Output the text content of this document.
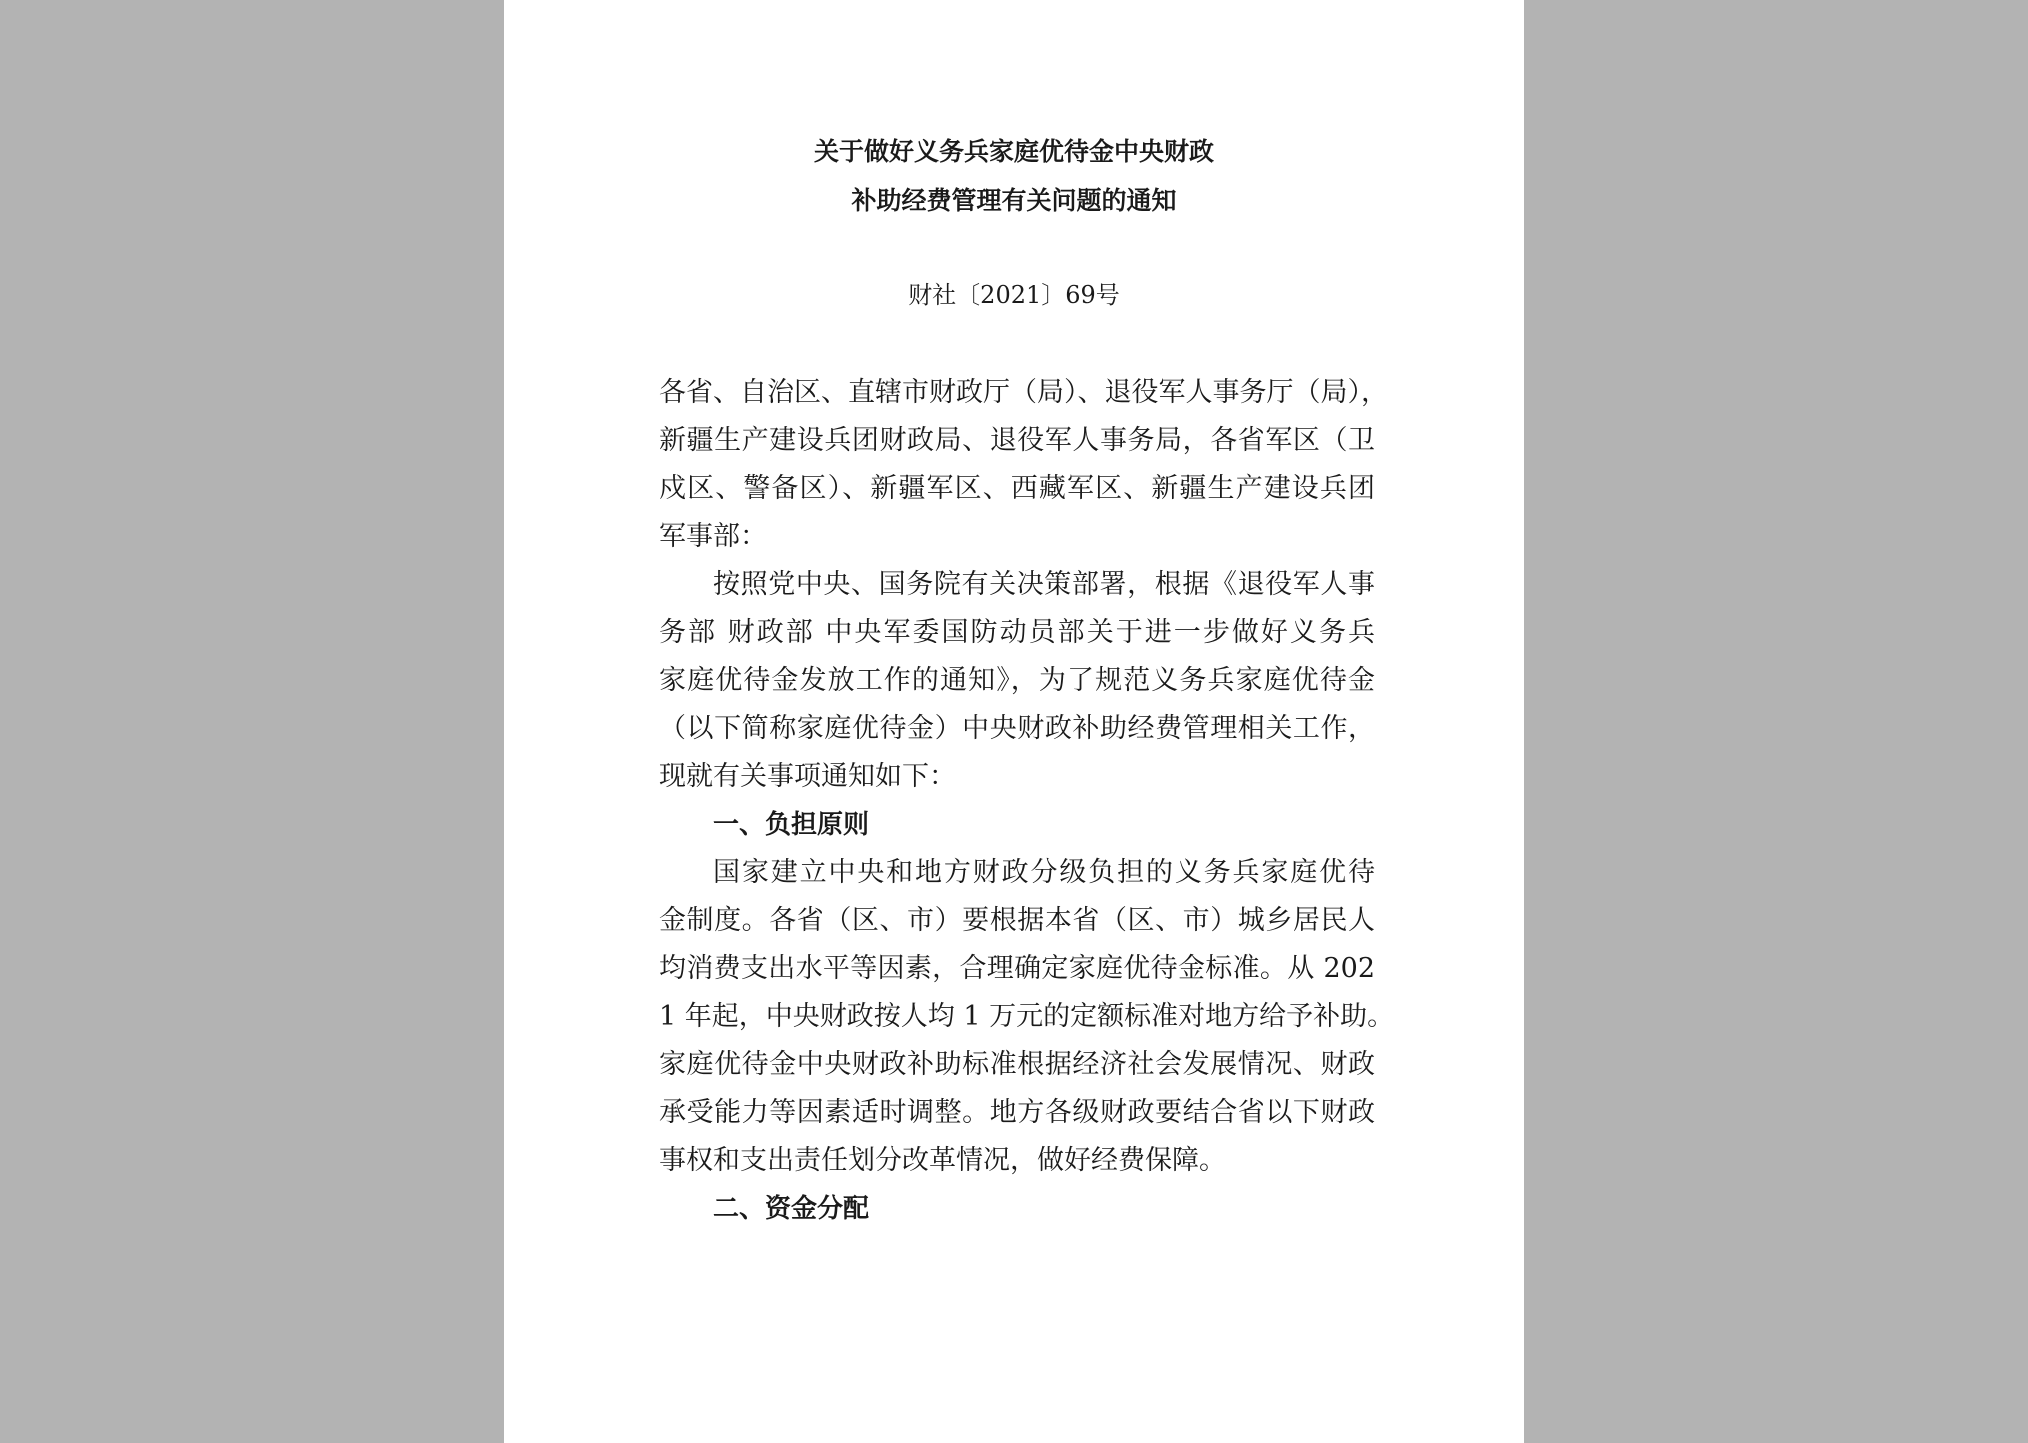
关于做好义务兵家庭优待金中央财政
补助经费管理有关问题的通知
财社〔2021〕69号
各省、自治区、直辖市财政厅（局）、退役军人事务厅（局），
新疆生产建设兵团财政局、退役军人事务局，各省军区（卫
戍区、警备区）、新疆军区、西藏军区、新疆生产建设兵团
军事部：
按照党中央、国务院有关决策部署，根据《退役军人事
务部 财政部 中央军委国防动员部关于进一步做好义务兵
家庭优待金发放工作的通知》，为了规范义务兵家庭优待金
（以下简称家庭优待金）中央财政补助经费管理相关工作，
现就有关事项通知如下：
一、负担原则
国家建立中央和地方财政分级负担的义务兵家庭优待
金制度。各省（区、市）要根据本省（区、市）城乡居民人
均消费支出水平等因素，合理确定家庭优待金标准。从 202
1 年起，中央财政按人均 1 万元的定额标准对地方给予补助。
家庭优待金中央财政补助标准根据经济社会发展情况、财政
承受能力等因素适时调整。地方各级财政要结合省以下财政
事权和支出责任划分改革情况，做好经费保障。
二、资金分配
